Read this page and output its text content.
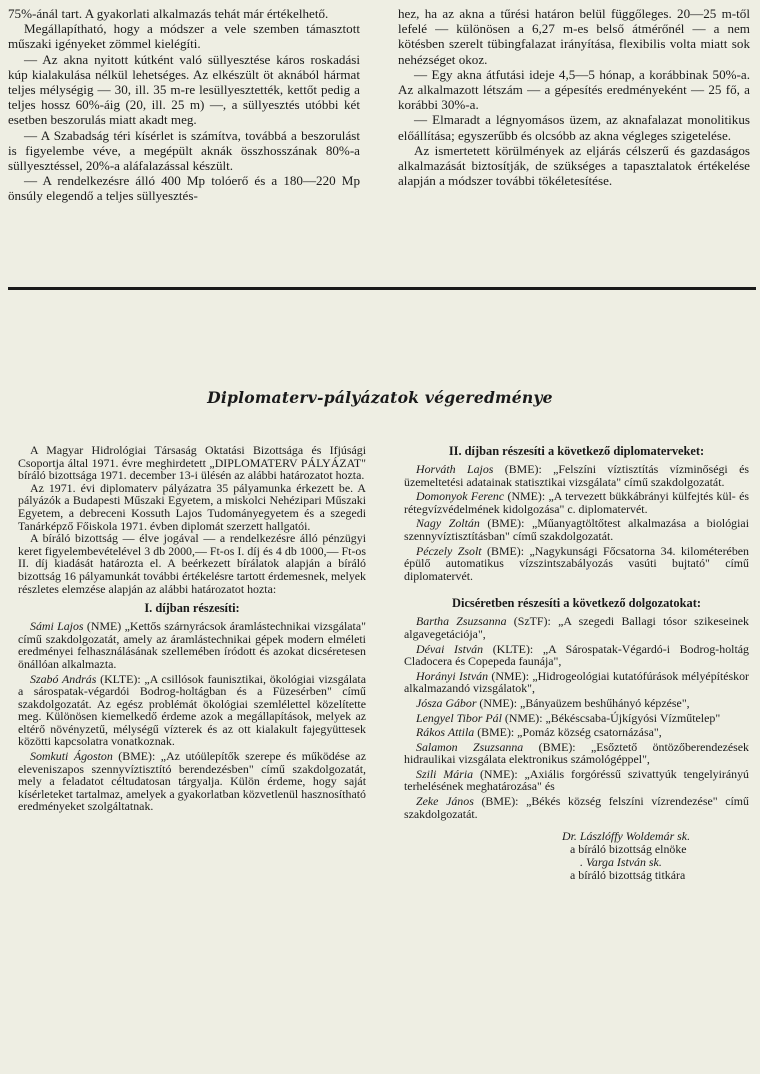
75%-ánál tart. A gyakorlati alkalmazás tehát már értékelhető.

Megállapítható, hogy a módszer a vele szemben támasztott műszaki igényeket zömmel kielégíti.

— Az akna nyitott kútként való süllyesztése káros roskadási kúp kialakulása nélkül lehetséges. Az elkészült öt aknából hármat teljes mélységig — 30, ill. 35 m-re lesüllyesztették, kettőt pedig a teljes hossz 60%-áig (20, ill. 25 m) —, a süllyesztés utóbbi két esetben beszorulás miatt akadt meg.

— A Szabadság téri kísérlet is számítva, továbbá a beszorulást is figyelembe véve, a megépült aknák összhosszának 80%-a süllyesztéssel, 20%-a aláfalazással készült.

— A rendelkezésre álló 400 Mp tolóerő és a 180—220 Mp önsúly elegendő a teljes süllyesztés-

hez, ha az akna a tűrési határon belül függőleges. 20—25 m-től lefelé — különösen a 6,27 m-es belső átmérőnél — a nem kötésben szerelt tübingfalazat irányítása, flexibilis volta miatt sok nehézséget okoz.

— Egy akna átfutási ideje 4,5—5 hónap, a korábbinak 50%-a. Az alkalmazott létszám — a gépesítés eredményeként — 25 fő, a korábbi 30%-a.

— Elmaradt a légnyomásos üzem, az aknafalazat monolitikus előállítása; egyszerűbb és olcsóbb az akna végleges szigetelése.

Az ismertetett körülmények az eljárás célszerű és gazdaságos alkalmazását biztosítják, de szükséges a tapasztalatok értékelése alapján a módszer további tökéletesítése.

Diplomaterv-pályázatok végeredménye

A Magyar Hidrológiai Társaság Oktatási Bizottsága és Ifjúsági Csoportja által 1971. évre meghirdetett „DIPLOMATERV PÁLYÁZAT" bíráló bizottsága 1971. december 13-i ülésén az alábbi határozatot hozta.

Az 1971. évi diplomaterv pályázatra 35 pályamunka érkezett be. A pályázók a Budapesti Műszaki Egyetem, a miskolci Nehézipari Műszaki Egyetem, a debreceni Kossuth Lajos Tudományegyetem és a szegedi Tanárképző Főiskola 1971. évben diplomát szerzett hallgatói.

A bíráló bizottság — élve jogával — a rendelkezésre álló pénzügyi keret figyelembevételével 3 db 2000,— Ft-os I. díj és 4 db 1000,— Ft-os II. díj kiadását határozta el. A beérkezett bírálatok alapján a bíráló bizottság 16 pályamunkát további értékelésre tartott érdemesnek, melyek részletes elemzése alapján az alábbi határozatot hozta:

I. díjban részesíti:

Sámi Lajos (NME) „Kettős szárnyrácsok áramlástechnikai vizsgálata" című szakdolgozatát, amely az áramlástechnikai gépek modern elméleti eredményei felhasználásának szellemében íródott és azokat dicséretesen önállóan alkalmazta.

Szabó András (KLTE): „A csillósok faunisztikai, ökológiai vizsgálata a sárospatak-végardói Bodrog-holtágban és a Füzesérben" című szakdolgozatát. Az egész problémát ökológiai szemlélettel közelítette meg. Különösen kiemelkedő érdeme azok a megállapítások, melyek az eltérő növényzetű, mélységű vízterek és az ott kialakult fajegyüttesek közötti kapcsolatra vonatkoznak.

Somkuti Ágoston (BME): „Az utóülepítők szerepe és működése az eleveniszapos szennyvíztisztító berendezésben" című szakdolgozatát, mely a feladatot céltudatosan tárgyalja. Külön érdeme, hogy saját kísérleteket tartalmaz, amelyek a gyakorlatban közvetlenül hasznosítható eredményeket szolgáltatnak.

II. díjban részesíti a következő diplomaterveket:

Horváth Lajos (BME): „Felszíni víztisztítás vízminőségi és üzemeltetési adatainak statisztikai vizsgálata" című szakdolgozatát.

Domonyok Ferenc (NME): „A tervezett bükkábrányi külfejtés kül- és rétegvízvédelmének kidolgozása" c. diplomatervét.

Nagy Zoltán (BME): „Műanyagtöltőtest alkalmazása a biológiai szennyvíztisztításban" című szakdolgozatát.

Péczely Zsolt (BME): „Nagykunsági Főcsatorna 34. kilométerében épülő automatikus vízszintszabályozás vasúti bujtató" című diplomatervét.

Dicséretben részesíti a következő dolgozatokat:

Bartha Zsuzsanna (SzTF): „A szegedi Ballagi tósor szikeseinek algavegetációja",

Dévai István (KLTE): „A Sárospatak-Végardó-i Bodrog-holtág Cladocera és Copepeda faunája",

Horányi István (NME): „Hidrogeológiai kutatófúrások mélyépítéskor alkalmazandó vizsgálatok",

Jósza Gábor (NME): „Bányaüzem beshűhányó képzése",

Lengyel Tibor Pál (NME): „Békéscsaba-Újkígyósi Vízműtelep"

Rákos Attila (BME): „Pomáz község csatornázása",

Salamon Zsuzsanna (BME): „Esőztető öntözőberendezések hidraulikai vizsgálata elektronikus számológéppel",

Szili Mária (NME): „Axiális forgóréssű szivattyúk tengelyirányú terhelésének meghatározása" és

Zeke János (BME): „Békés község felszíni vízrendezése" című szakdolgozatát.

Dr. Lászlóffy Woldemár sk.

a bíráló bizottság elnöke

. Varga István sk.

a bíráló bizottság titkára
